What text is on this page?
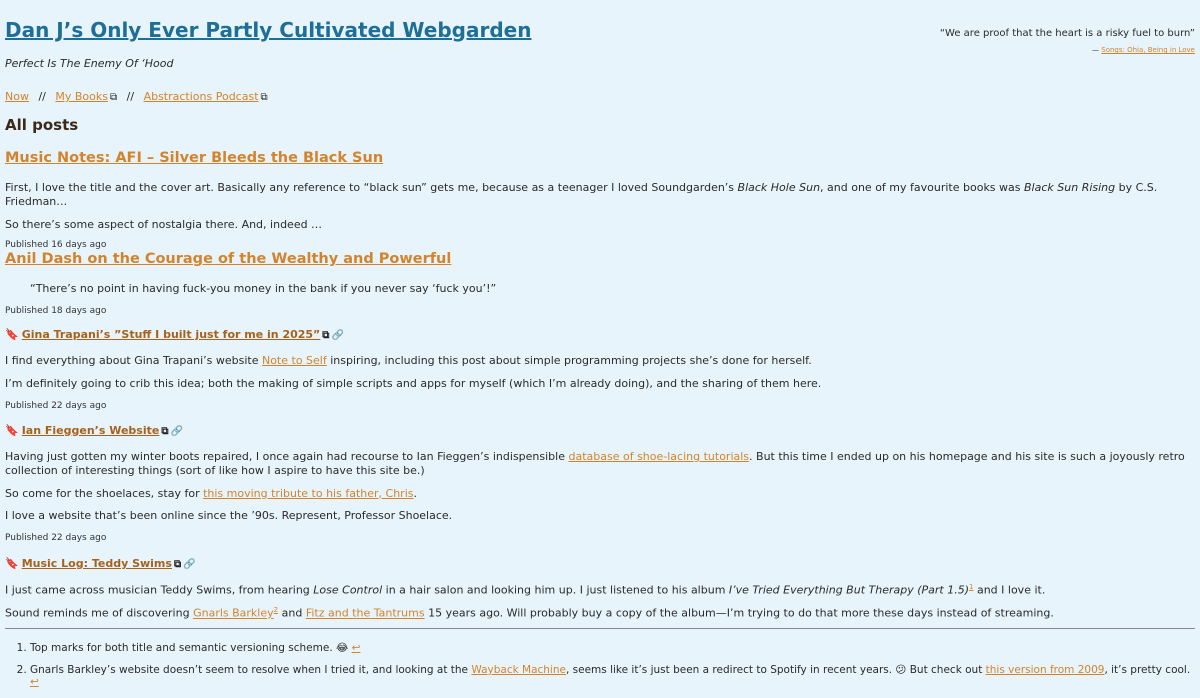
Dan J’s Only Ever Partly Cultivated Webgarden
Perfect Is The Enemy Of ‘Hood
“We are proof that the heart is a risky fuel to burn”
— Songs: Ohia, Being in Love
Now // My Books ⧉ // Abstractions Podcast ⧉
All posts
Music Notes: AFI – Silver Bleeds the Black Sun
First, I love the title and the cover art. Basically any reference to “black sun” gets me, because as a teenager I loved Soundgarden’s Black Hole Sun, and one of my favourite books was Black Sun Rising by C.S. Friedman…
So there’s some aspect of nostalgia there. And, indeed …
Published 16 days ago
Anil Dash on the Courage of the Wealthy and Powerful
“There’s no point in having fuck-you money in the bank if you never say ‘fuck you’!”
Published 18 days ago
🔖 Gina Trapani’s ”Stuff I built just for me in 2025” ⧉ 🔗
I find everything about Gina Trapani’s website Note to Self inspiring, including this post about simple programming projects she’s done for herself.
I’m definitely going to crib this idea; both the making of simple scripts and apps for myself (which I’m already doing), and the sharing of them here.
Published 22 days ago
🔖 Ian Fieggen’s Website ⧉ 🔗
Having just gotten my winter boots repaired, I once again had recourse to Ian Fieggen’s indispensible database of shoe-lacing tutorials. But this time I ended up on his homepage and his site is such a joyously retro collection of interesting things (sort of like how I aspire to have this site be.)
So come for the shoelaces, stay for this moving tribute to his father, Chris.
I love a website that’s been online since the ’90s. Represent, Professor Shoelace.
Published 22 days ago
🔖 Music Log: Teddy Swims ⧉ 🔗
I just came across musician Teddy Swims, from hearing Lose Control in a hair salon and looking him up. I just listened to his album I’ve Tried Everything But Therapy (Part 1.5)$^1$ and I love it.
Sound reminds me of discovering Gnarls Barkley$^2$ and Fitz and the Tantrums 15 years ago. Will probably buy a copy of the album—I’m trying to do that more these days instead of streaming.
1. Top marks for both title and semantic versioning scheme. 😂 ↩
2. Gnarls Barkley’s website doesn’t seem to resolve when I tried it, and looking at the Wayback Machine, seems like it’s just been a redirect to Spotify in recent years. 😕 But check out this version from 2009, it’s pretty cool. ↩
